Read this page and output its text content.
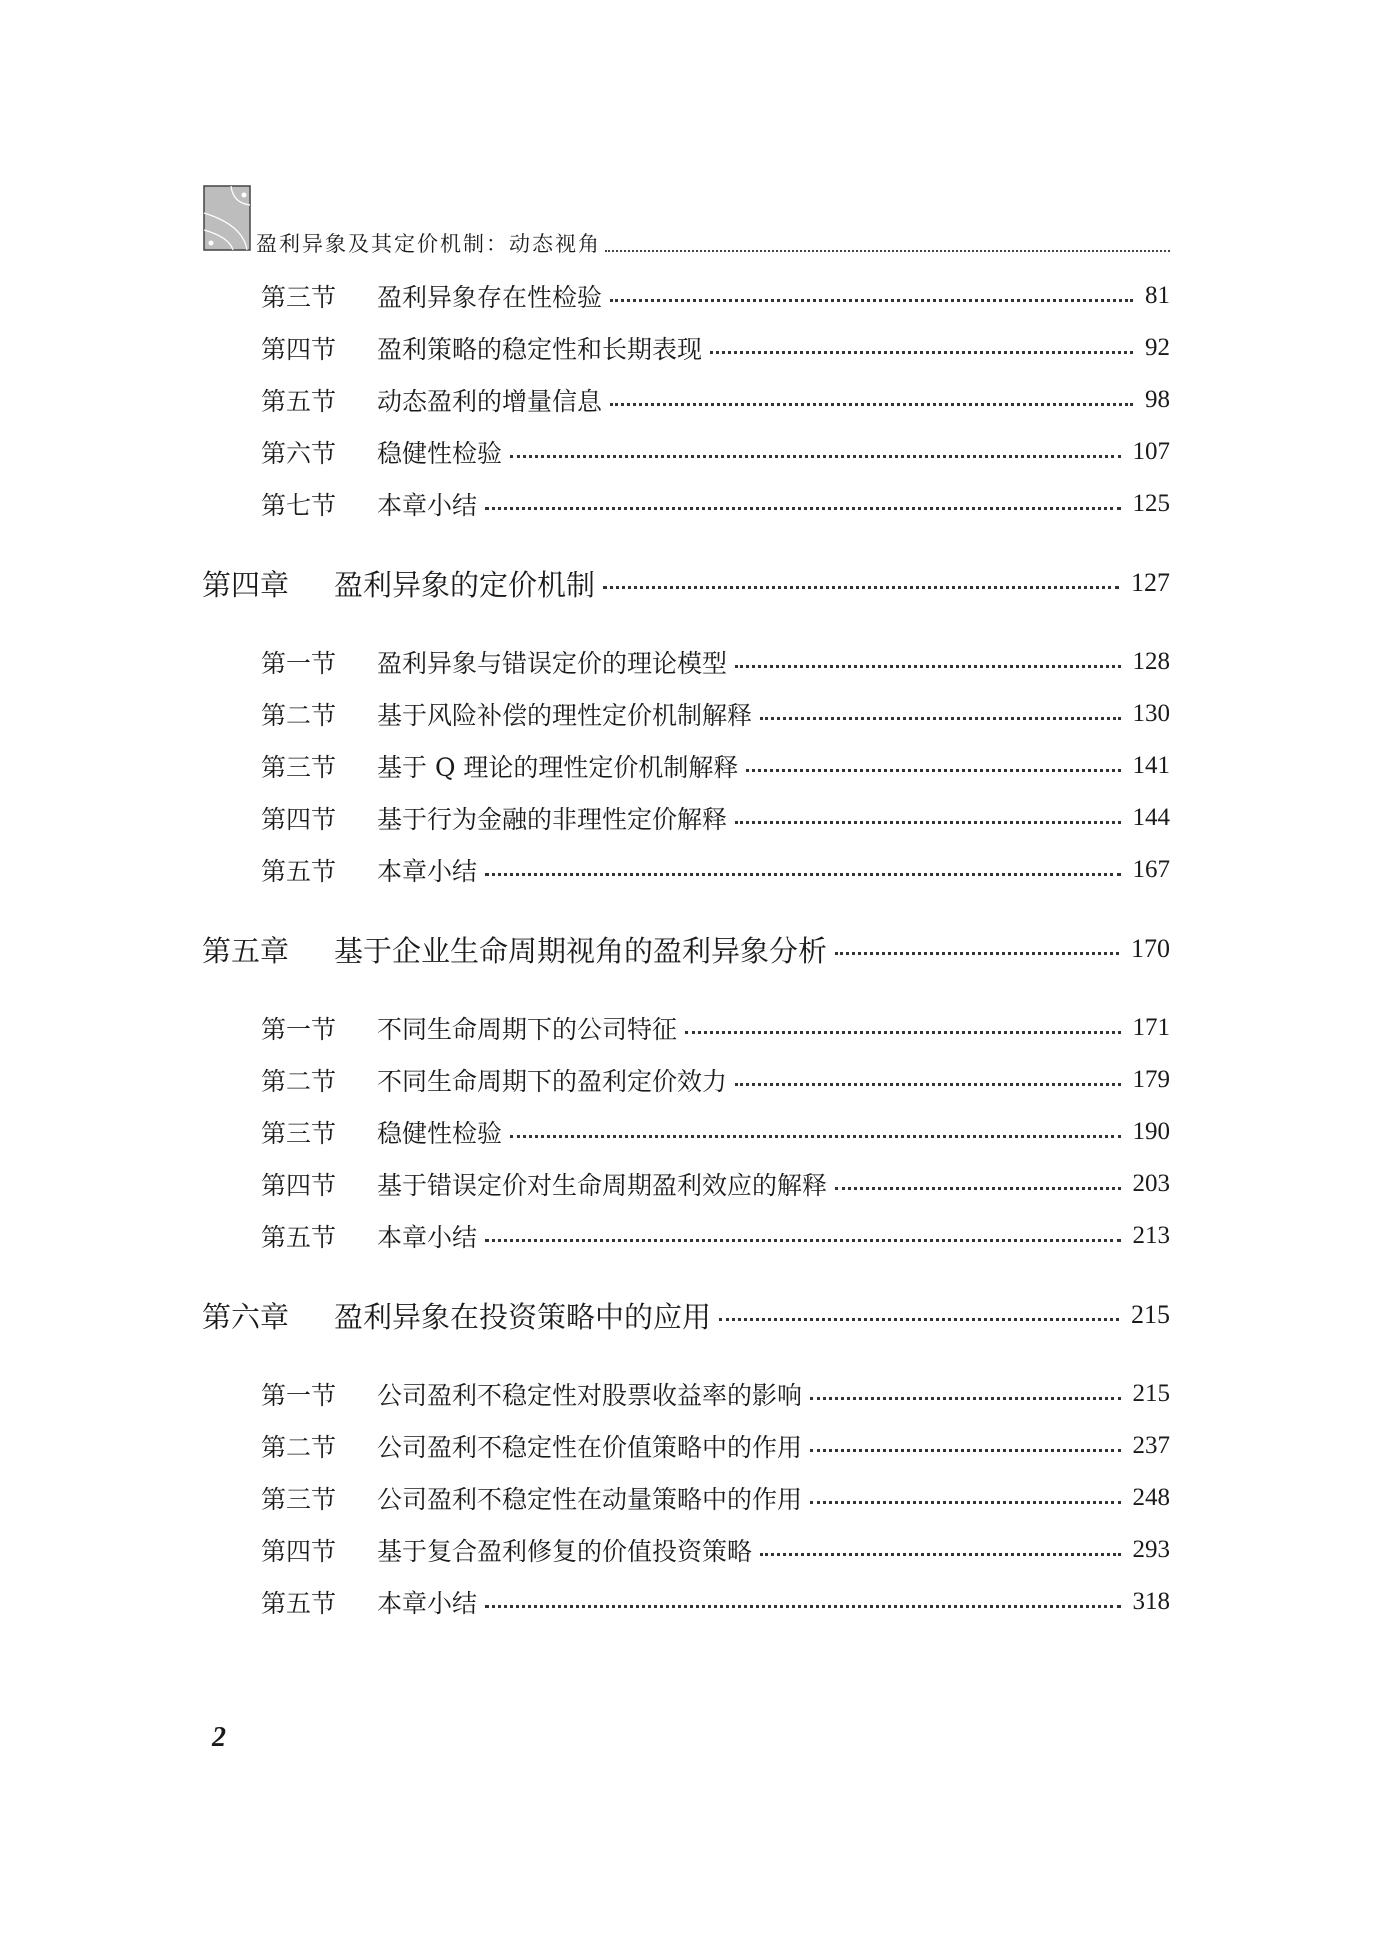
盈利异象及其定价机制：动态视角
第三节	盈利异象存在性检验	81
第四节	盈利策略的稳定性和长期表现	92
第五节	动态盈利的增量信息	98
第六节	稳健性检验	107
第七节	本章小结	125
第四章	盈利异象的定价机制	127
第一节	盈利异象与错误定价的理论模型	128
第二节	基于风险补偿的理性定价机制解释	130
第三节	基于 Q 理论的理性定价机制解释	141
第四节	基于行为金融的非理性定价解释	144
第五节	本章小结	167
第五章	基于企业生命周期视角的盈利异象分析	170
第一节	不同生命周期下的公司特征	171
第二节	不同生命周期下的盈利定价效力	179
第三节	稳健性检验	190
第四节	基于错误定价对生命周期盈利效应的解释	203
第五节	本章小结	213
第六章	盈利异象在投资策略中的应用	215
第一节	公司盈利不稳定性对股票收益率的影响	215
第二节	公司盈利不稳定性在价值策略中的作用	237
第三节	公司盈利不稳定性在动量策略中的作用	248
第四节	基于复合盈利修复的价值投资策略	293
第五节	本章小结	318
2
